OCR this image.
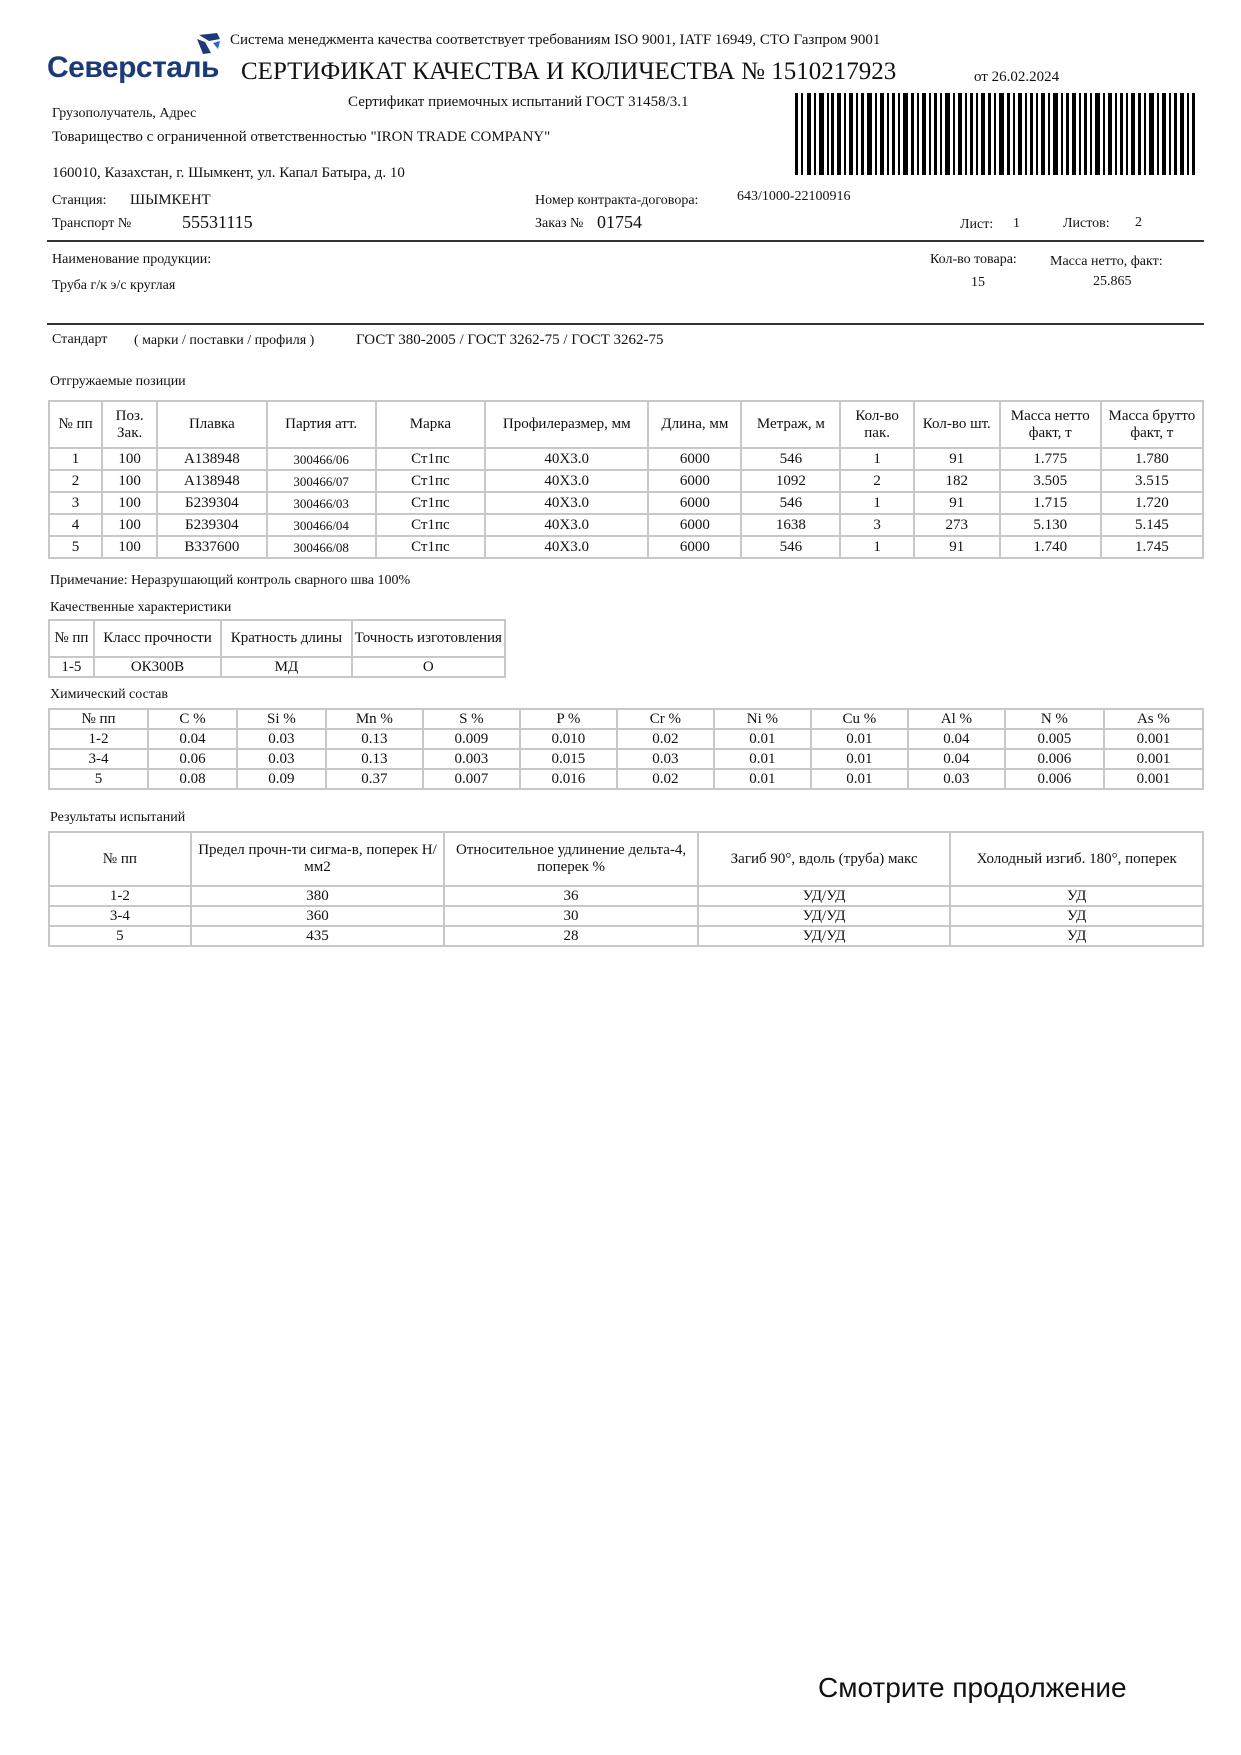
Северсталь
Система менеджмента качества соответствует требованиям ISO 9001, IATF 16949, СТО Газпром 9001
СЕРТИФИКАТ КАЧЕСТВА И КОЛИЧЕСТВА № 1510217923	от 26.02.2024
Сертификат приемочных испытаний ГОСТ 31458/3.1
Грузополучатель, Адрес
Товарищество с ограниченной ответственностью "IRON TRADE COMPANY"
160010, Казахстан, г. Шымкент, ул. Капал Батыра, д. 10
Станция: ШЫМКЕНТ
Транспорт №	55531115
Номер контракта-договора:	643/1000-22100916
Заказ № 01754	Лист: 1	Листов: 2
Наименование продукции:
Труба г/к э/с круглая
Кол-во товара:
15
Масса нетто, факт:
25.865
Стандарт ( марки / поставки / профиля )	ГОСТ 380-2005 / ГОСТ 3262-75 / ГОСТ 3262-75
Отгружаемые позиции
№ пп	Поз. Зак.	Плавка	Партия атт.	Марка	Профилеразмер, мм	Длина, мм	Метраж, м	Кол-во пак.	Кол-во шт.	Масса нетто факт, т	Масса брутто факт, т
1	100	А138948	300466/06	Ст1пс	40Х3.0	6000	546	1	91	1.775	1.780
2	100	А138948	300466/07	Ст1пс	40Х3.0	6000	1092	2	182	3.505	3.515
3	100	Б239304	300466/03	Ст1пс	40Х3.0	6000	546	1	91	1.715	1.720
4	100	Б239304	300466/04	Ст1пс	40Х3.0	6000	1638	3	273	5.130	5.145
5	100	В337600	300466/08	Ст1пс	40Х3.0	6000	546	1	91	1.740	1.745
Примечание: Неразрушающий контроль сварного шва 100%
Качественные характеристики
№ пп	Класс прочности	Кратность длины	Точность изготовления
1-5	ОК300В	МД	О
Химический состав
№ пп	C %	Si %	Mn %	S %	P %	Cr %	Ni %	Cu %	Al %	N %	As %
1-2	0.04	0.03	0.13	0.009	0.010	0.02	0.01	0.01	0.04	0.005	0.001
3-4	0.06	0.03	0.13	0.003	0.015	0.03	0.01	0.01	0.04	0.006	0.001
5	0.08	0.09	0.37	0.007	0.016	0.02	0.01	0.01	0.03	0.006	0.001
Результаты испытаний
№ пп	Предел прочн-ти сигма-в, поперек Н/мм2	Относительное удлинение дельта-4, поперек %	Загиб 90°, вдоль (труба) макс	Холодный изгиб. 180°, поперек
1-2	380	36	УД/УД	УД
3-4	360	30	УД/УД	УД
5	435	28	УД/УД	УД
Смотрите продолжение
